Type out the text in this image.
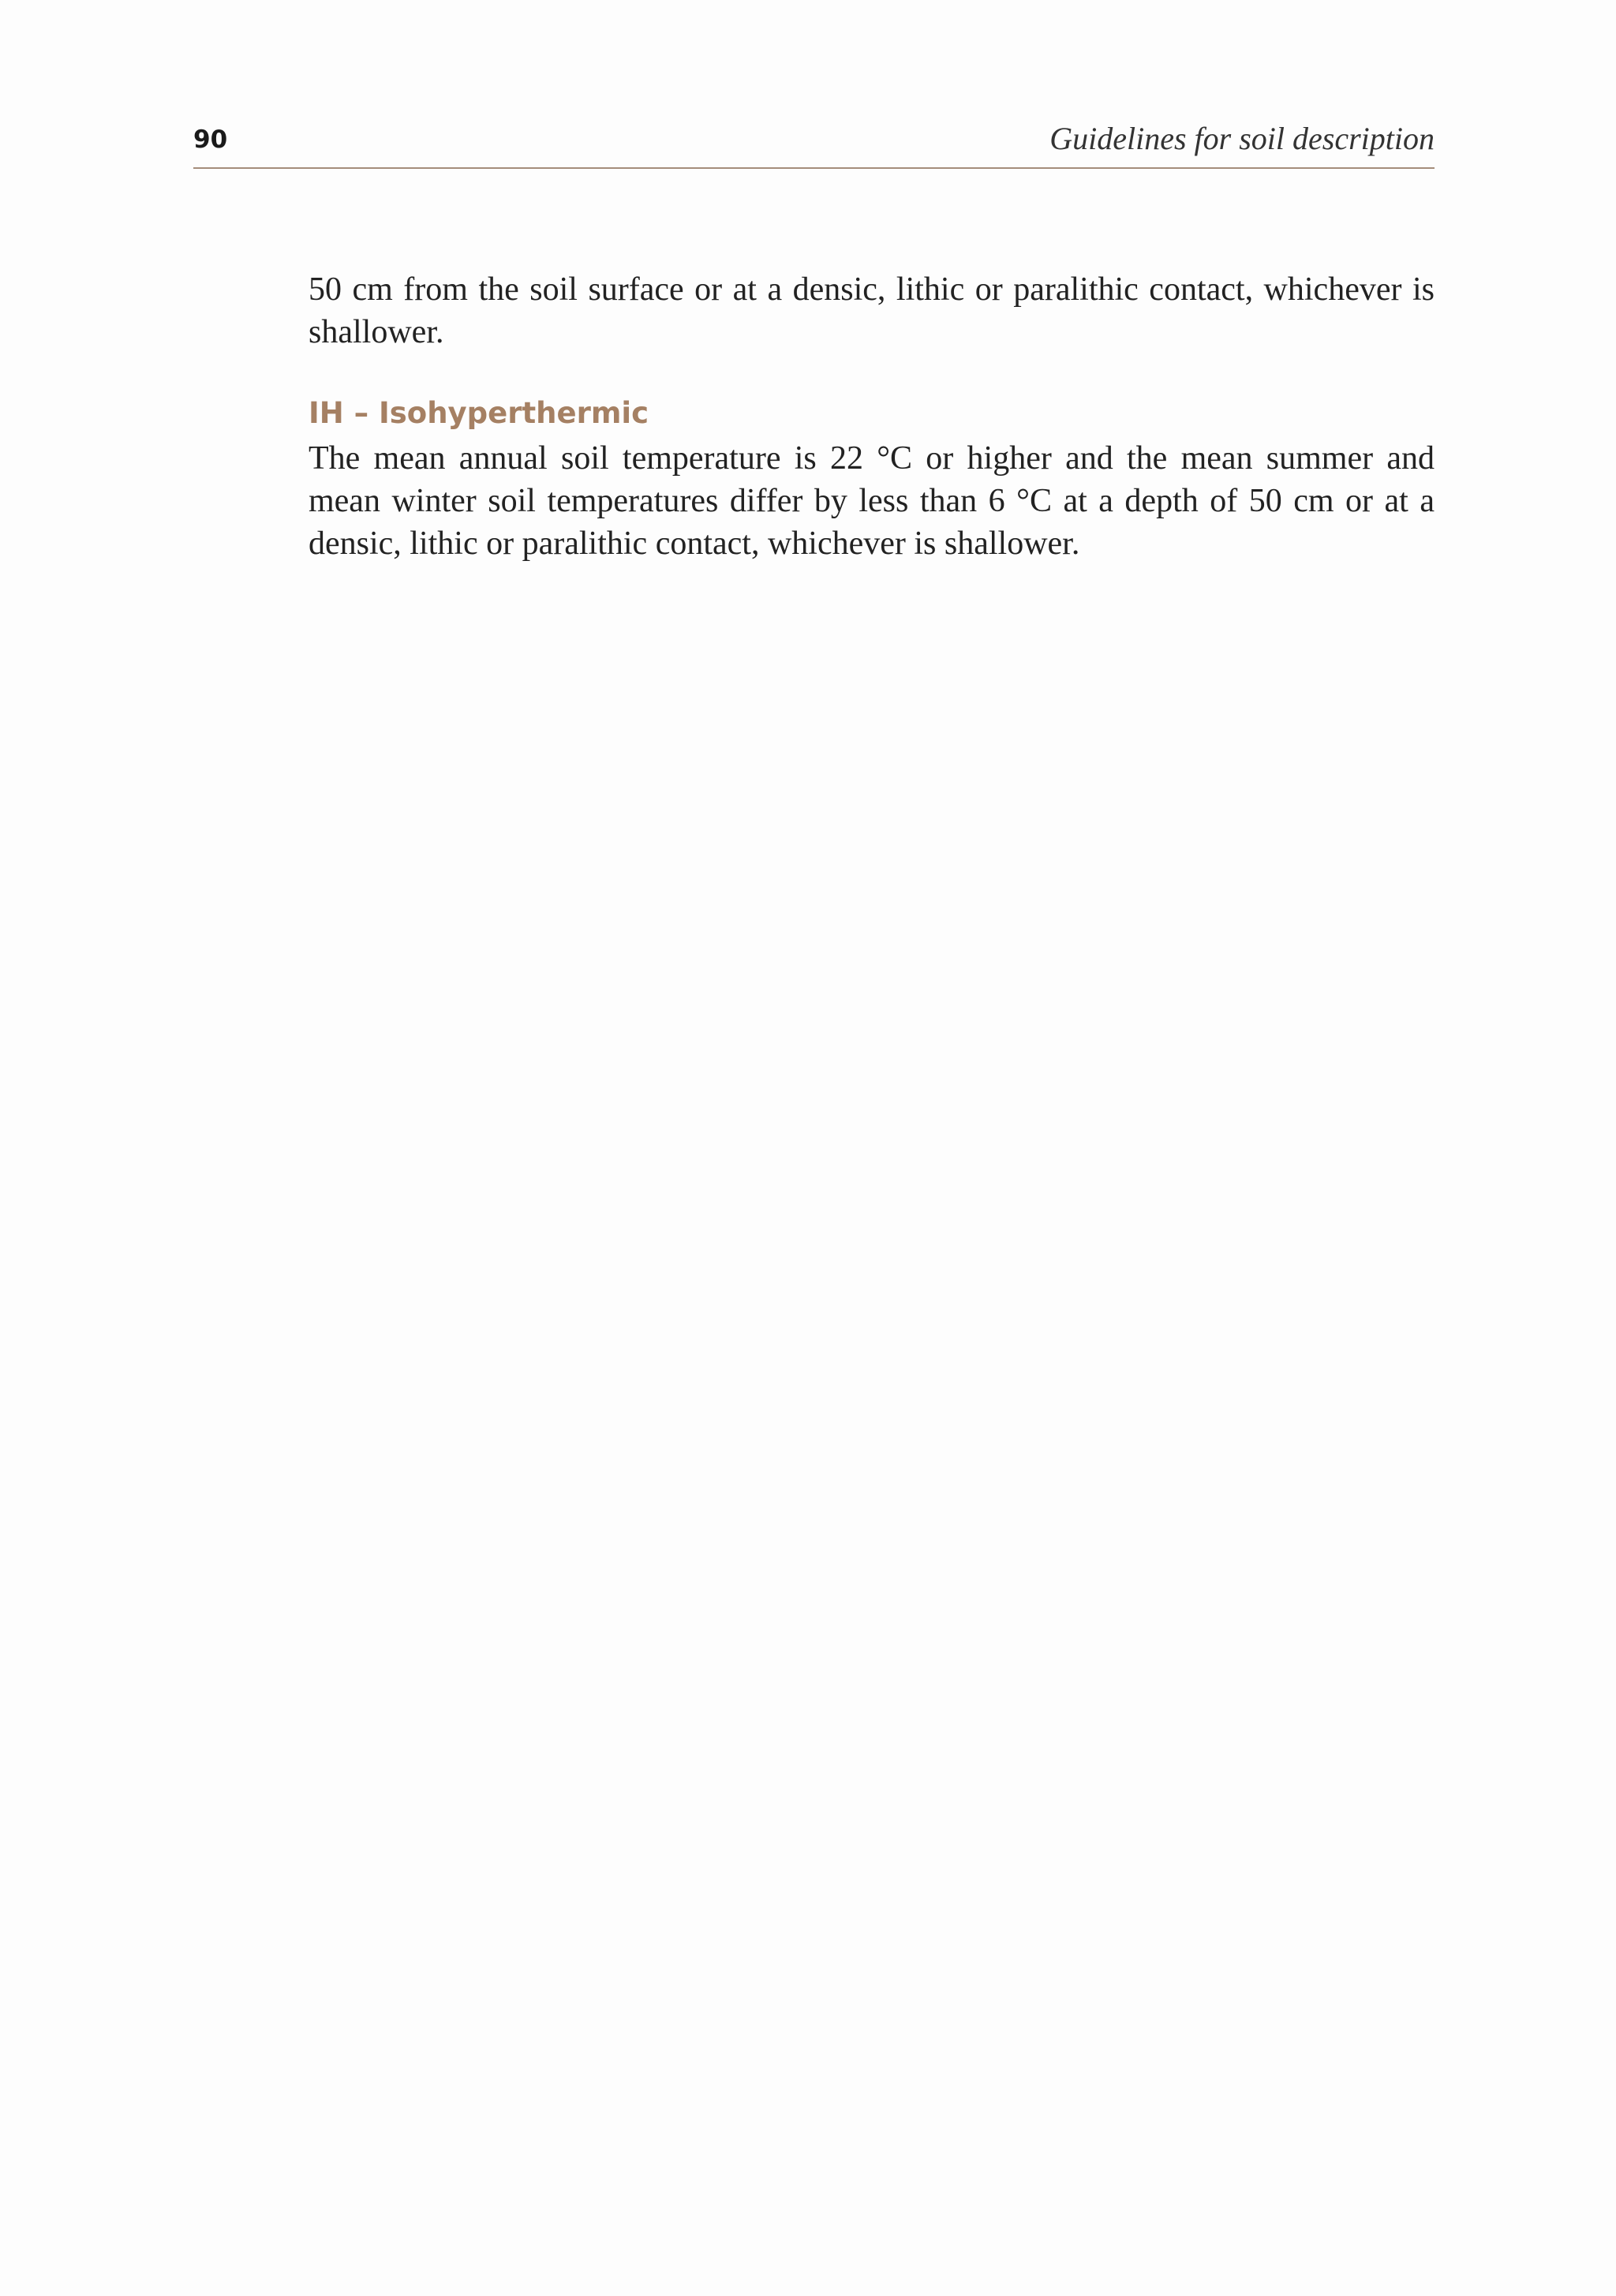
90	Guidelines for soil description

50 cm from the soil surface or at a densic, lithic or paralithic contact, whichever is shallower.

IH – Isohyperthermic

The mean annual soil temperature is 22 °C or higher and the mean summer and mean winter soil temperatures differ by less than 6 °C at a depth of 50 cm or at a densic, lithic or paralithic contact, whichever is shallower.
